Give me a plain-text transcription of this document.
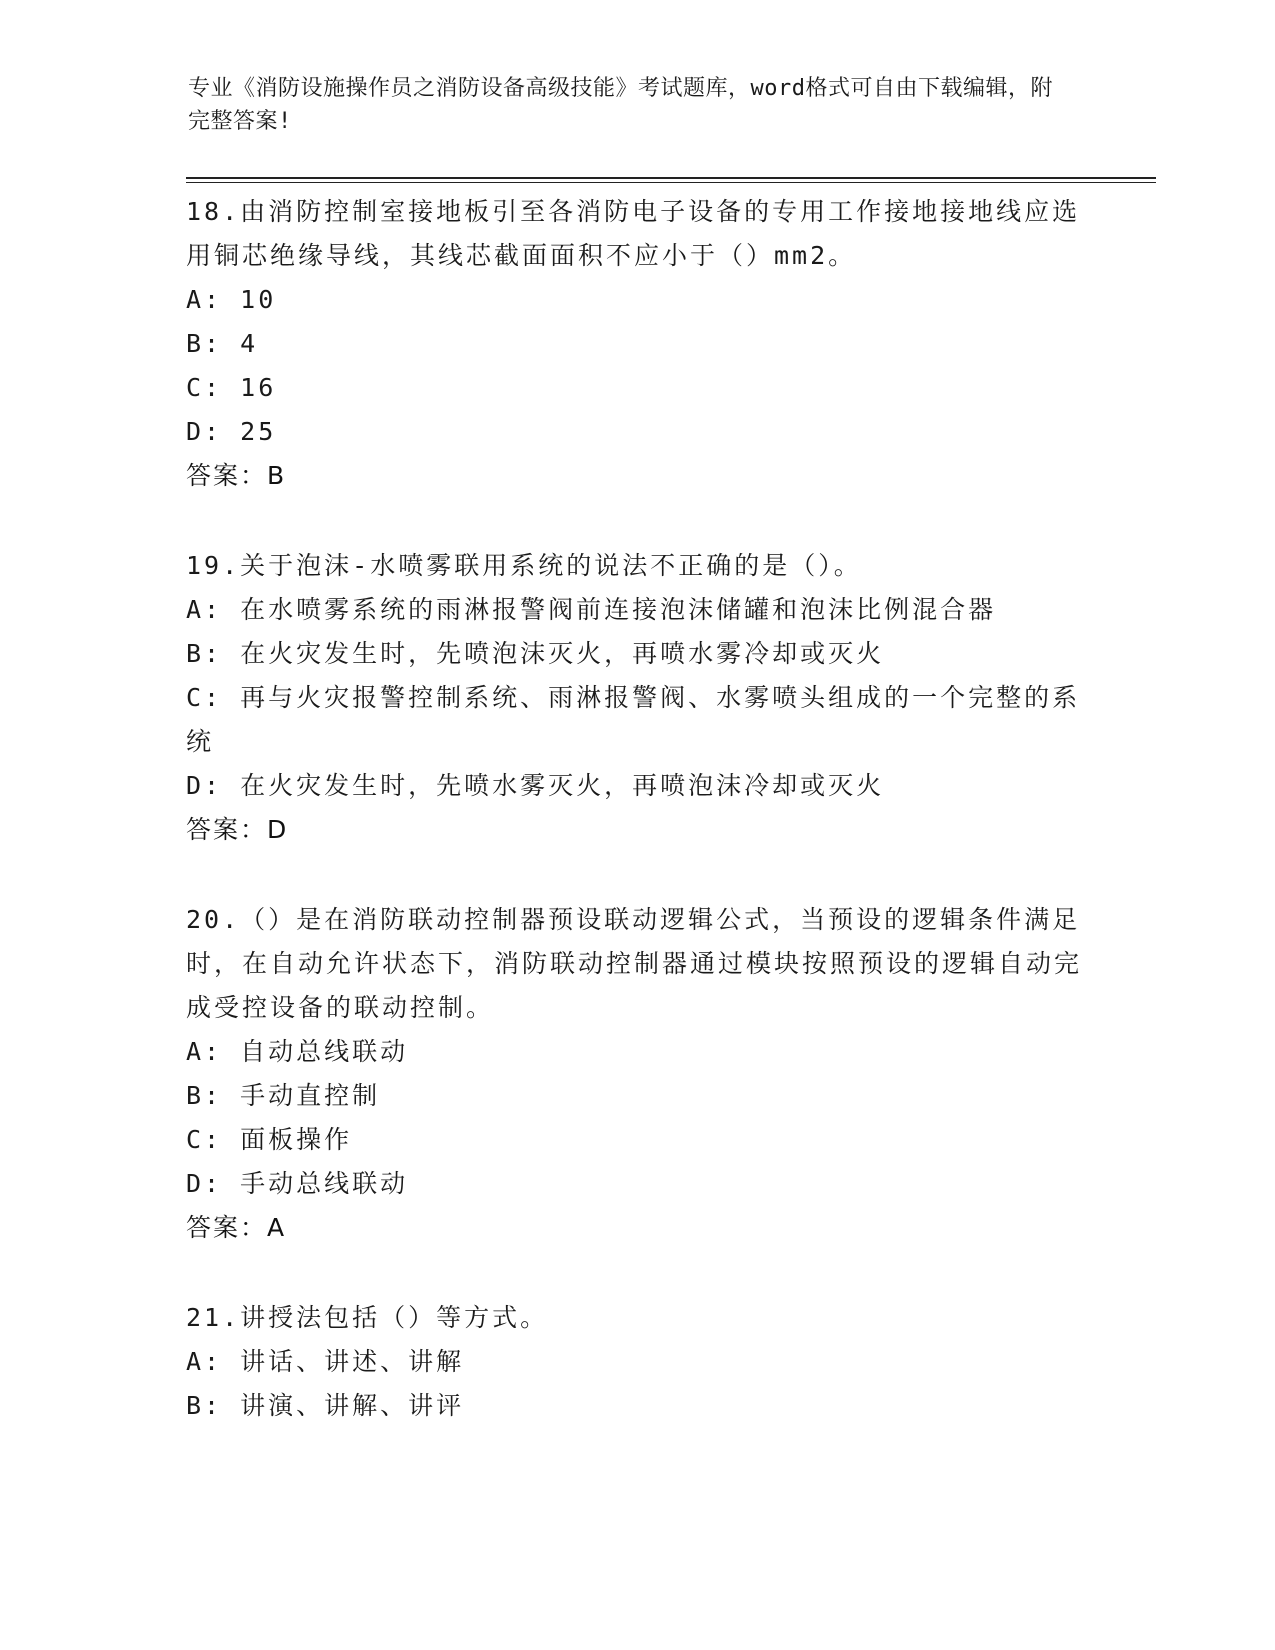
专业《消防设施操作员之消防设备高级技能》考试题库，word格式可自由下载编辑，附完整答案!

18.由消防控制室接地板引至各消防电子设备的专用工作接地接地线应选用铜芯绝缘导线，其线芯截面面积不应小于（）mm2。

A: 10

B: 4

C: 16

D: 25

答案：B

19.关于泡沫-水喷雾联用系统的说法不正确的是（）。

A: 在水喷雾系统的雨淋报警阀前连接泡沫储罐和泡沫比例混合器

B: 在火灾发生时，先喷泡沫灭火，再喷水雾冷却或灭火

C: 再与火灾报警控制系统、雨淋报警阀、水雾喷头组成的一个完整的系统

D: 在火灾发生时，先喷水雾灭火，再喷泡沫冷却或灭火

答案：D

20.（）是在消防联动控制器预设联动逻辑公式，当预设的逻辑条件满足时，在自动允许状态下，消防联动控制器通过模块按照预设的逻辑自动完成受控设备的联动控制。

A: 自动总线联动

B: 手动直控制

C: 面板操作

D: 手动总线联动

答案：A

21.讲授法包括（）等方式。

A: 讲话、讲述、讲解

B: 讲演、讲解、讲评
